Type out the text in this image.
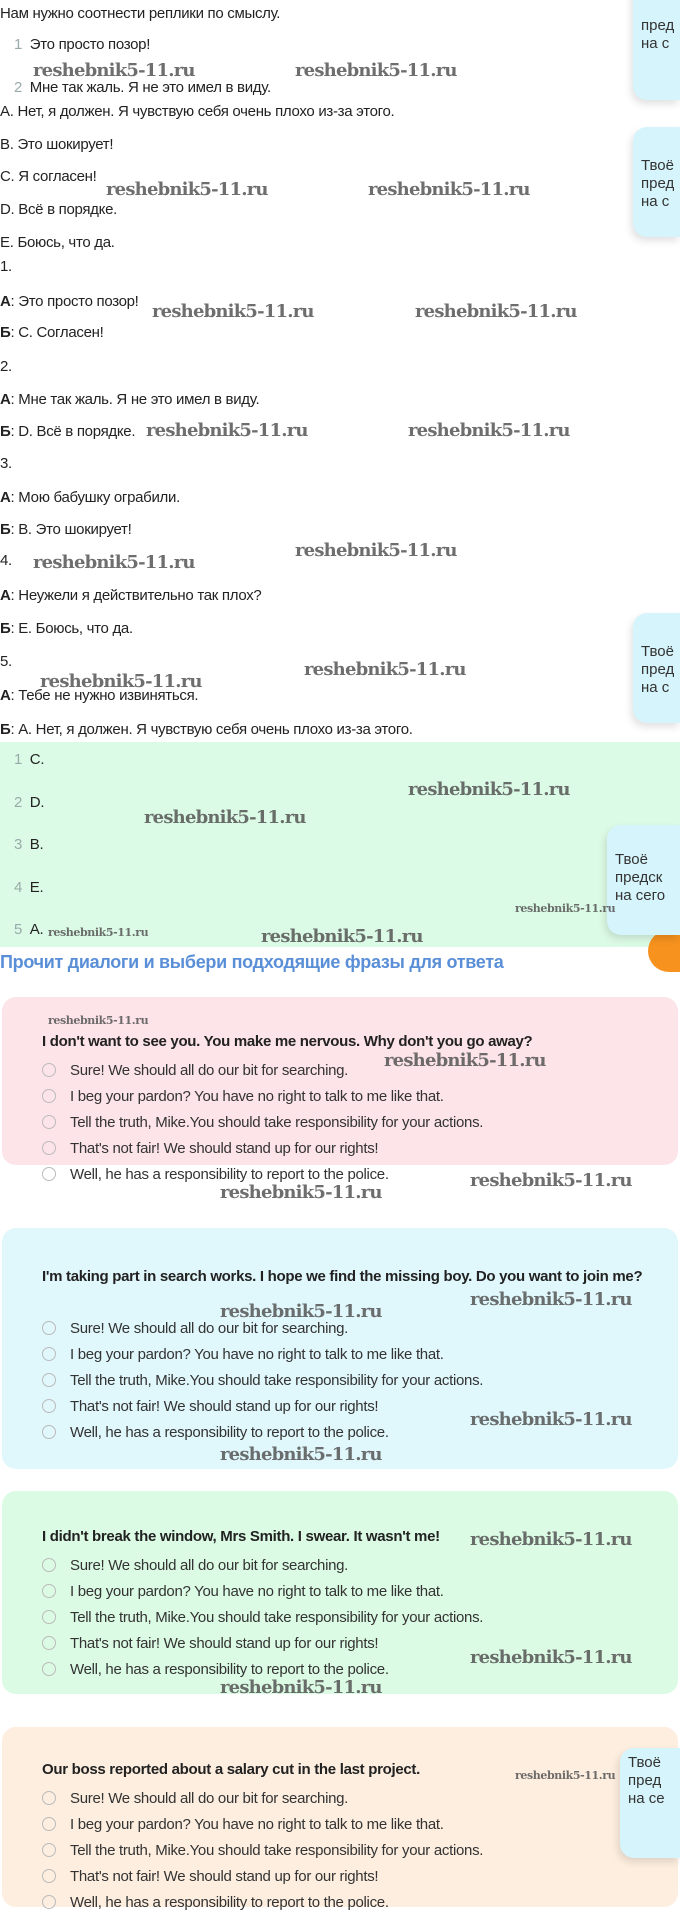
Нам нужно соотнести реплики по смыслу.
1 Это просто позор!
2 Мне так жаль. Я не это имел в виду.
A. Нет, я должен. Я чувствую себя очень плохо из-за этого.
B. Это шокирует!
C. Я согласен!
D. Всё в порядке.
E. Боюсь, что да.
1.
А: Это просто позор!
Б: C. Согласен!
2.
А: Мне так жаль. Я не это имел в виду.
Б: D. Всё в порядке.
3.
А: Мою бабушку ограбили.
Б: B. Это шокирует!
4.
А: Неужели я действительно так плох?
Б: E. Боюсь, что да.
5.
А: Тебе не нужно извиняться.
Б: A. Нет, я должен. Я чувствую себя очень плохо из-за этого.
1 C.
2 D.
3 B.
4 E.
5 A.
Прочит диалоги и выбери подходящие фразы для ответа
I don't want to see you. You make me nervous. Why don't you go away?
Sure! We should all do our bit for searching.
I beg your pardon? You have no right to talk to me like that.
Tell the truth, Mike.You should take responsibility for your actions.
That's not fair! We should stand up for our rights!
Well, he has a responsibility to report to the police.
I'm taking part in search works. I hope we find the missing boy. Do you want to join me?
Sure! We should all do our bit for searching.
I beg your pardon? You have no right to talk to me like that.
Tell the truth, Mike.You should take responsibility for your actions.
That's not fair! We should stand up for our rights!
Well, he has a responsibility to report to the police.
I didn't break the window, Mrs Smith. I swear. It wasn't me!
Sure! We should all do our bit for searching.
I beg your pardon? You have no right to talk to me like that.
Tell the truth, Mike.You should take responsibility for your actions.
That's not fair! We should stand up for our rights!
Well, he has a responsibility to report to the police.
Our boss reported about a salary cut in the last project.
Sure! We should all do our bit for searching.
I beg your pardon? You have no right to talk to me like that.
Tell the truth, Mike.You should take responsibility for your actions.
That's not fair! We should stand up for our rights!
Well, he has a responsibility to report to the police.
пред
на с
Твоё
пред
на с
Твоё
пред
на с
Твоё
предск
на сего
Твоё
пред
на се
reshebnik5-11.ru	reshebnik5-11.ru
reshebnik5-11.ru	reshebnik5-11.ru
reshebnik5-11.ru	reshebnik5-11.ru
reshebnik5-11.ru	reshebnik5-11.ru
reshebnik5-11.ru
reshebnik5-11.ru
reshebnik5-11.ru
reshebnik5-11.ru
reshebnik5-11.ru
reshebnik5-11.ru
reshebnik5-11.ru
reshebnik5-11.ru
reshebnik5-11.ru
reshebnik5-11.ru
reshebnik5-11.ru
reshebnik5-11.ru
reshebnik5-11.ru
reshebnik5-11.ru
reshebnik5-11.ru
reshebnik5-11.ru
reshebnik5-11.ru
reshebnik5-11.ru
reshebnik5-11.ru
reshebnik5-11.ru
reshebnik5-11.ru
